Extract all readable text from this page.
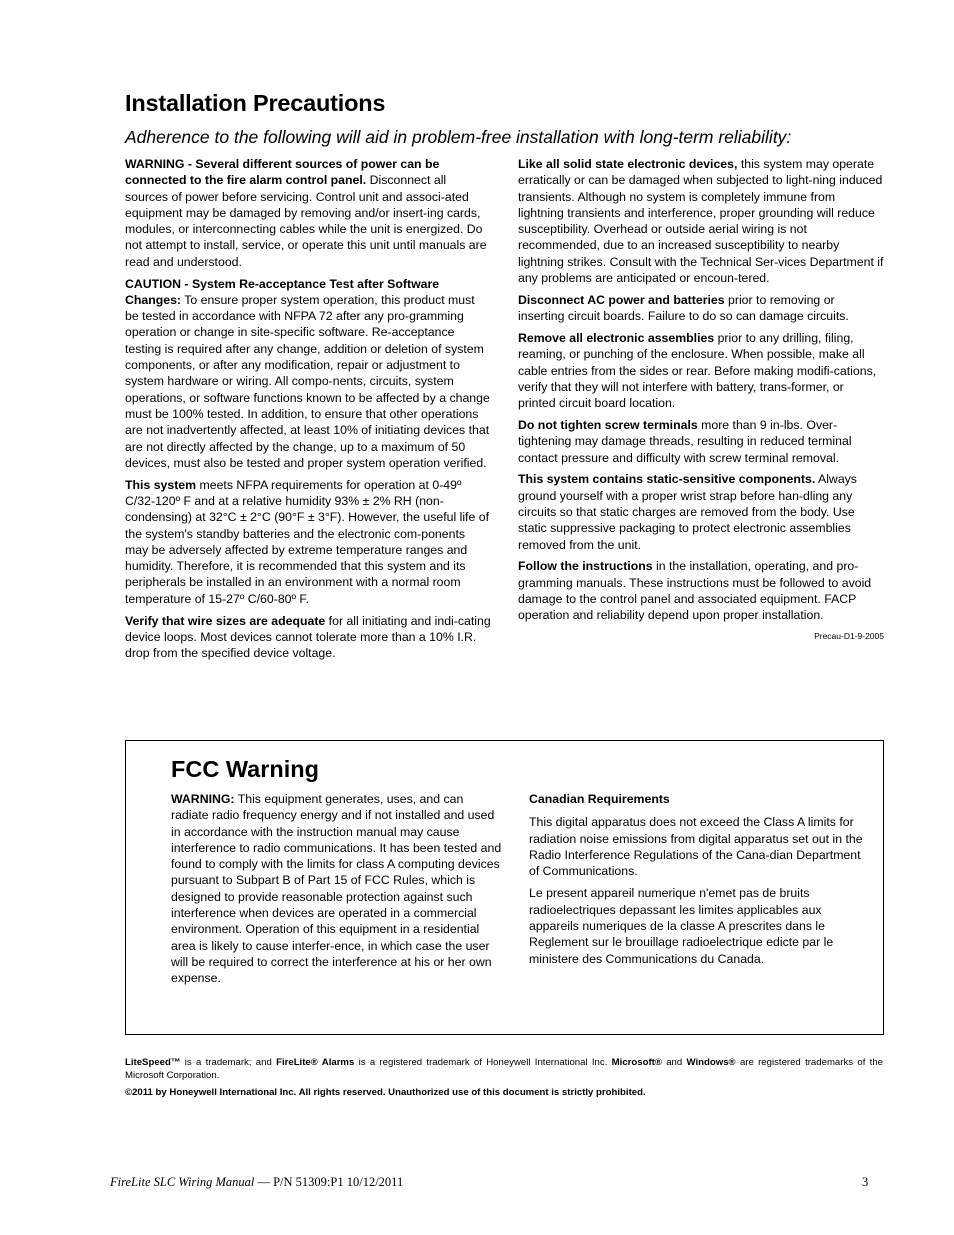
Installation Precautions
Adherence to the following will aid in problem-free installation with long-term reliability:

WARNING - Several different sources of power can be connected to the fire alarm control panel. Disconnect all sources of power before servicing. Control unit and associ-ated equipment may be damaged by removing and/or insert-ing cards, modules, or interconnecting cables while the unit is energized. Do not attempt to install, service, or operate this unit until manuals are read and understood.

CAUTION - System Re-acceptance Test after Software Changes: To ensure proper system operation, this product must be tested in accordance with NFPA 72 after any pro-gramming operation or change in site-specific software. Re-acceptance testing is required after any change, addition or deletion of system components, or after any modification, repair or adjustment to system hardware or wiring. All compo-nents, circuits, system operations, or software functions known to be affected by a change must be 100% tested. In addition, to ensure that other operations are not inadvertently affected, at least 10% of initiating devices that are not directly affected by the change, up to a maximum of 50 devices, must also be tested and proper system operation verified.

This system meets NFPA requirements for operation at 0-49º C/32-120º F and at a relative humidity 93% ± 2% RH (non-condensing) at 32°C ± 2°C (90°F ± 3°F). However, the useful life of the system's standby batteries and the electronic com-ponents may be adversely affected by extreme temperature ranges and humidity. Therefore, it is recommended that this system and its peripherals be installed in an environment with a normal room temperature of 15-27º C/60-80º F.

Verify that wire sizes are adequate for all initiating and indi-cating device loops. Most devices cannot tolerate more than a 10% I.R. drop from the specified device voltage.

Like all solid state electronic devices, this system may operate erratically or can be damaged when subjected to light-ning induced transients. Although no system is completely immune from lightning transients and interference, proper grounding will reduce susceptibility. Overhead or outside aerial wiring is not recommended, due to an increased susceptibility to nearby lightning strikes. Consult with the Technical Ser-vices Department if any problems are anticipated or encoun-tered.

Disconnect AC power and batteries prior to removing or inserting circuit boards. Failure to do so can damage circuits.

Remove all electronic assemblies prior to any drilling, filing, reaming, or punching of the enclosure. When possible, make all cable entries from the sides or rear. Before making modifi-cations, verify that they will not interfere with battery, trans-former, or printed circuit board location.

Do not tighten screw terminals more than 9 in-lbs. Over-tightening may damage threads, resulting in reduced terminal contact pressure and difficulty with screw terminal removal.

This system contains static-sensitive components. Always ground yourself with a proper wrist strap before han-dling any circuits so that static charges are removed from the body. Use static suppressive packaging to protect electronic assemblies removed from the unit.

Follow the instructions in the installation, operating, and pro-gramming manuals. These instructions must be followed to avoid damage to the control panel and associated equipment. FACP operation and reliability depend upon proper installation.

Precau-D1-9-2005
FCC Warning

WARNING: This equipment generates, uses, and can radiate radio frequency energy and if not installed and used in accordance with the instruction manual may cause interference to radio communications. It has been tested and found to comply with the limits for class A computing devices pursuant to Subpart B of Part 15 of FCC Rules, which is designed to provide reasonable protection against such interference when devices are operated in a commercial environment. Operation of this equipment in a residential area is likely to cause interfer-ence, in which case the user will be required to correct the interference at his or her own expense.

Canadian Requirements

This digital apparatus does not exceed the Class A limits for radiation noise emissions from digital apparatus set out in the Radio Interference Regulations of the Cana-dian Department of Communications.

Le present appareil numerique n'emet pas de bruits radioelectriques depassant les limites applicables aux appareils numeriques de la classe A prescrites dans le Reglement sur le brouillage radioelectrique edicte par le ministere des Communications du Canada.

LiteSpeed™ is a trademark; and FireLite® Alarms is a registered trademark of Honeywell International Inc. Microsoft® and Windows® are registered trademarks of the Microsoft Corporation.
©2011 by Honeywell International Inc. All rights reserved. Unauthorized use of this document is strictly prohibited.
FireLite SLC Wiring Manual — P/N 51309:P1 10/12/2011	3
